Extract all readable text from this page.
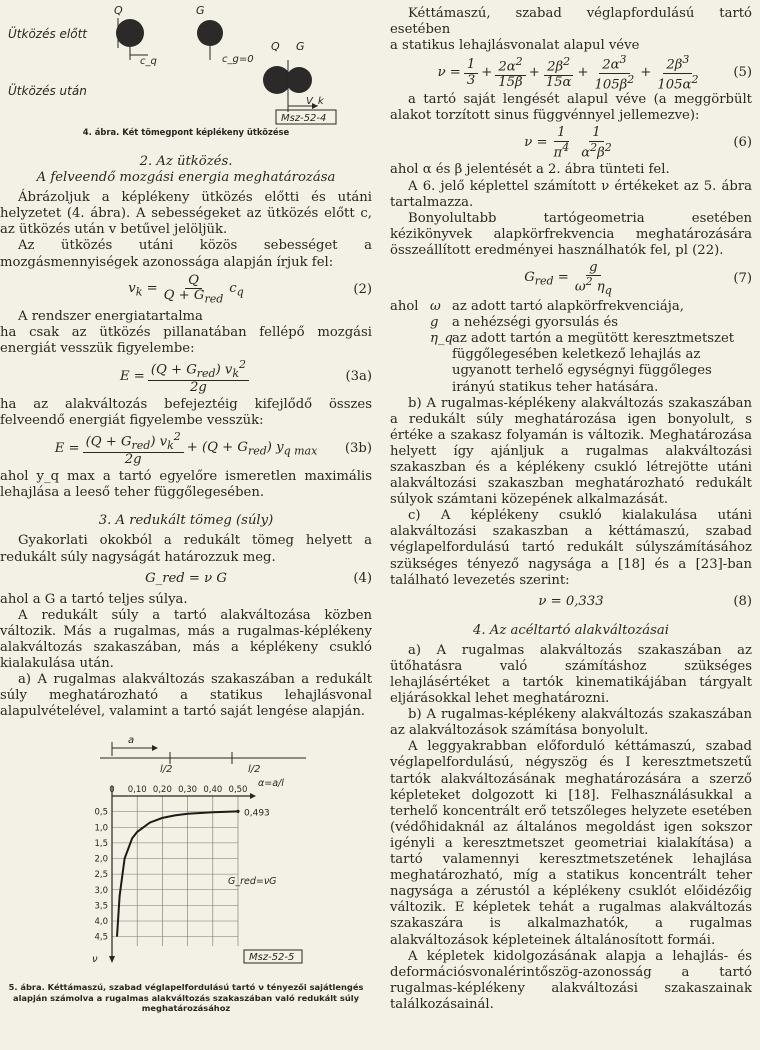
Ütközés előtt
Ütközés után
Q
c_q
G
c_g=0
Q G
V_k
Msz-52-4
4. ábra. Két tömegpont képlékeny ütközése

2. Az ütközés.

A felveendő mozgási energia meghatározása

Ábrázoljuk a képlékeny ütközés előtti és utáni helyzetet (4. ábra). A sebességeket az ütközés előtt c, az ütközés után v betűvel jelöljük.

Az ütközés utáni közös sebességet a mozgásmennyiségek azonossága alapján írjuk fel:

$v_k = \frac{Q}{Q + G_{red}} c_q$	(2)

A rendszer energiatartalma

ha csak az ütközés pillanatában fellépő mozgási energiát vesszük figyelembe:

$E = \frac{(Q + G_{red}) v_k^2}{2g}$	(3a)

ha az alakváltozás befejeztéig kifejlődő összes felveendő energiát figyelembe vesszük:

$E = \frac{(Q + G_{red}) v_k^2}{2g} + (Q + G_{red})$ $y_{q max}$ (3b)

ahol y_q max a tartó egyelőre ismeretlen maximális lehajlása a leeső teher függőlegesében.

3. A redukált tömeg (súly)

Gyakorlati okokból a redukált tömeg helyett a redukált súly nagyságát határozzuk meg.

G_red = ν G	(4)

ahol a G a tartó teljes súlya.

A redukált súly a tartó alakváltozása közben változik. Más a rugalmas, más a rugalmas-képlékeny alakváltozás szakaszában, más a képlékeny csukló kialakulása után.

a) A rugalmas alakváltozás szakaszában a redukált súly meghatározható a statikus lehajlásvonal alapulvételével, valamint a tartó saját lengése alapján.

a
l/2	l/2
α=a/l
Msz-52-5
G_red=νG
ν
0 0,10 0,20 0,30 0,40 0,50
0,5
1,0
1,5
2,0
2,5
3,0
3,5
4,0
4,5
0,493
5. ábra. Kéttámaszú, szabad véglapelfordulású tartó ν tényezői sajátlengés alapján számolva a rugalmas alakváltozás szakaszában való redukált súly meghatározásához

Kéttámaszú, szabad véglapfordulású tartó esetében

a statikus lehajlásvonalat alapul véve

$\nu = \frac{1}{3} + \frac{2\alpha^2}{15\beta} + \frac{2\beta^2}{15\alpha} + \frac{2\alpha^3}{105\beta^2} + \frac{2\beta^3}{105\alpha^2} (5)$

a tartó saját lengését alapul véve (a meggörbült alakot torzított sinus függvénnyel jellemezve):

$\nu = \frac{1}{\pi^4} \frac{1}{\alpha^2\beta^2}$	(6)

ahol α és β jelentését a 2. ábra tünteti fel.

A 6. jelő képlettel számított ν értékeket az 5. ábra tartalmazza.

Bonyolultabb tartógeometria esetében kézikönyvek alapkörfrekvencia meghatározására összeállított eredményei használhatók fel, pl (22).

$G_{red} = \frac{g}{\omega^2 \eta_q}$	(7)
ahol ω az adott tartó alapkörfrekvenciája,
g	a nehézségi gyorsulás és
η_q az adott tartón a megütött keresztmetszet függőlegesében keletkező lehajlás az ugyanott terhelő egységnyi függőleges irányú statikus teher hatására.

b) A rugalmas-képlékeny alakváltozás szakaszában a redukált súly meghatározása igen bonyolult, s értéke a szakasz folyamán is változik. Meghatározása helyett így ajánljuk a rugalmas alakváltozási szakaszban és a képlékeny csukló létrejötte utáni alakváltozási szakaszban meghatározható redukált súlyok számtani közepének alkalmazását.

c) A képlékeny csukló kialakulása utáni alakváltozási szakaszban a kéttámaszú, szabad véglapelfordulású tartó redukált súlyszámításához szükséges tényező nagysága a [18] és a [23]-ban található levezetés szerint:

ν = 0,333	(8)

4. Az acéltartó alakváltozásai

a) A rugalmas alakváltozás szakaszában az ütőhatásra való számításhoz szükséges lehajlásértéket a tartók kinematikájában tárgyalt eljárásokkal lehet meghatározni.

b) A rugalmas-képlékeny alakváltozás szakaszában az alakváltozások számítása bonyolult.

A leggyakrabban előforduló kéttámaszú, szabad véglapelfordulású, négyszög és I keresztmetszetű tartók alakváltozásának meghatározására a szerző képleteket dolgozott ki [18]. Felhasználásukkal a terhelő koncentrált erő tetszőleges helyzete esetében (védőhidaknál az általános megoldást igen sokszor igényli a keresztmetszet geometriai kialakítása) a tartó valamennyi keresztmetszetének lehajlása meghatározható, míg a statikus koncentrált teher nagysága a zérustól a képlékeny csuklót előidézőig változik. E képletek tehát a rugalmas alakváltozás szakaszára is alkalmazhatók, a rugalmas alakváltozások képleteinek általánosított formái.

A képletek kidolgozásának alapja a lehajlás- és deformációsvonalérintőszög-azonosság a tartó rugalmas-képlékeny alakváltozási szakaszainak találkozásainál.
